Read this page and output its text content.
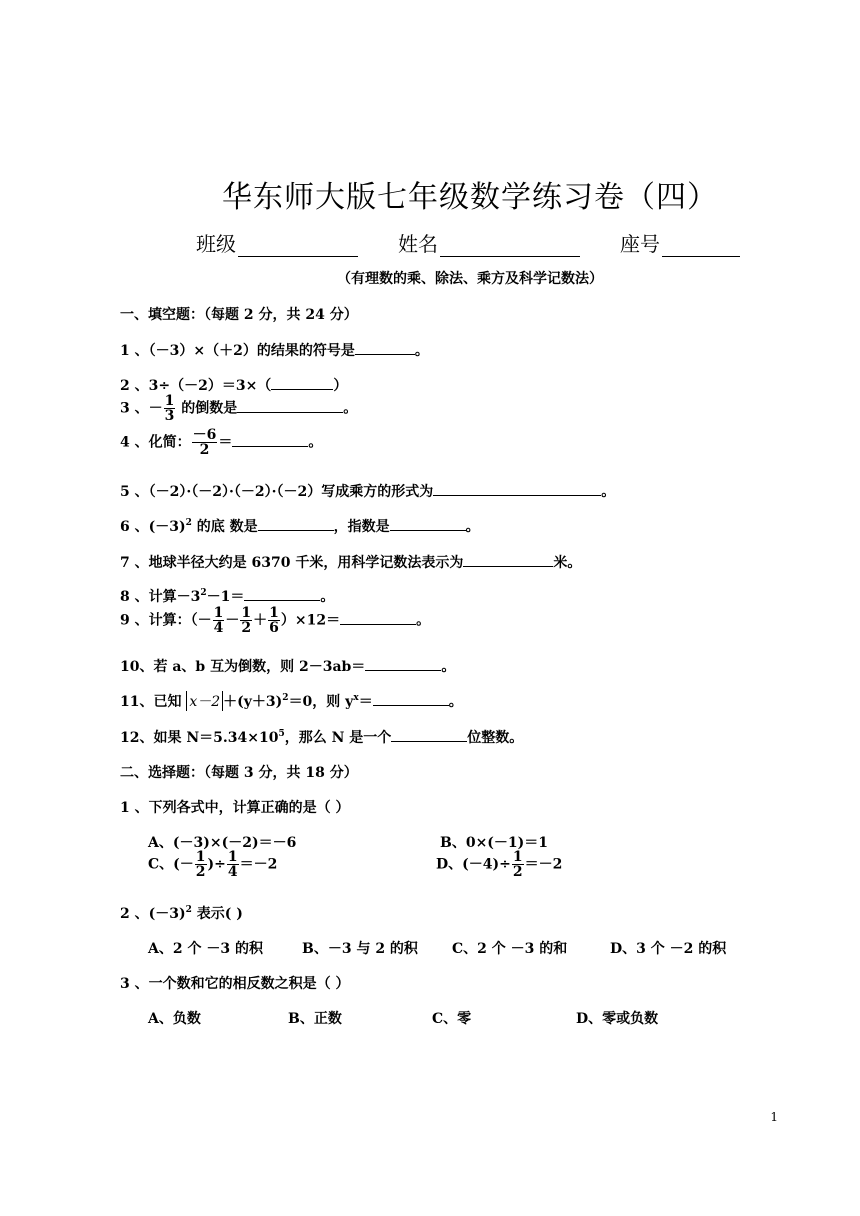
华东师大版七年级数学练习卷（四）
班级	姓名	座号
（有理数的乘、除法、乘方及科学记数法）
一、填空题：（每题 2 分，共 24 分）
1 、（－3）×（＋2）的结果的符号是	。
2 、3÷（－2）＝3×（	）
3 、－ $\frac{1}{3}$ 的倒数是	。
4 、化简： $\frac{-6}{2}$ ＝	。
5 、（－2）·（－2）·（－2）·（－2）写成乘方的形式为	。
6 、$(-3)^2$ 的底 数是	，指数是	。
7 、地球半径大约是 6370 千米，用科学记数法表示为	米。
8 、计算$-3^2-1=$	。
9 、计算：（－ $\frac{1}{4} - \frac{1}{2} + \frac{1}{6} )\times 12=$	。
10、若 a、b 互为倒数，则 2－3ab＝	。
11、已知 $x-2 +(y+3)^2=0$，则 $y^x=$	。
12、如果 $N=5.34\times 10^5$，那么 N 是一个	位整数。
二、选择题：（每题 3 分，共 18 分）
1 、下列各式中，计算正确的是（ ）
A、(－3)×(－2)＝－6	B、0×(－1)＝1
C、(－ $\frac{1}{2}$ )÷ $\frac{1}{4} =-2$	D、$(-4)\div \frac{1}{2} =-2$
2 、$(-3)^2$ 表示( )
A、2 个 －3 的积	B、－3 与 2 的积 C、2 个 －3 的和	D、3 个 －2 的积
3 、一个数和它的相反数之积是（ ）
A、负数	B、正数	C、零	D、零或负数
1
